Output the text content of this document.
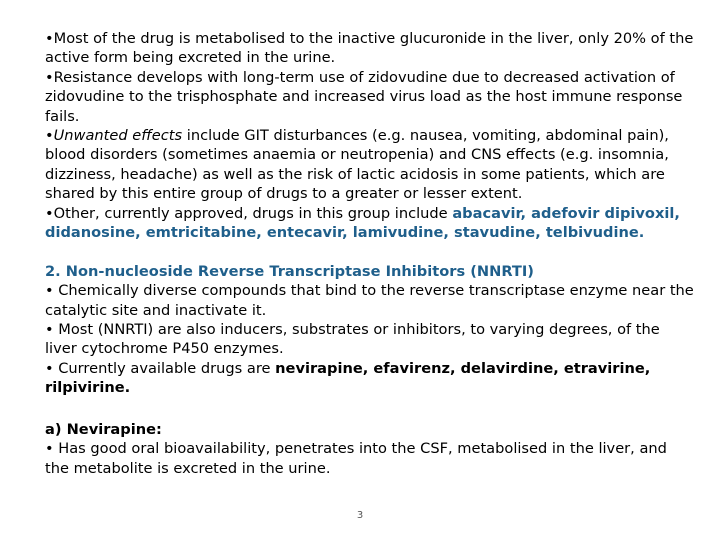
•Most of the drug is metabolised to the inactive glucuronide in the liver, only 20% of the active form being excreted in the urine.

•Resistance develops with long-term use of zidovudine due to decreased activation of zidovudine to the trisphosphate and increased virus load as the host immune response fails.

•Unwanted effects include GIT disturbances (e.g. nausea, vomiting, abdominal pain), blood disorders (sometimes anaemia or neutropenia) and CNS effects (e.g. insomnia, dizziness, headache) as well as the risk of lactic acidosis in some patients, which are shared by this entire group of drugs to a greater or lesser extent.

•Other, currently approved, drugs in this group include abacavir, adefovir dipivoxil, didanosine, emtricitabine, entecavir, lamivudine, stavudine, telbivudine.

2. Non-nucleoside Reverse Transcriptase Inhibitors (NNRTI)

• Chemically diverse compounds that bind to the reverse transcriptase enzyme near the catalytic site and inactivate it.

• Most (NNRTI) are also inducers, substrates or inhibitors, to varying degrees, of the liver cytochrome P450 enzymes.

• Currently available drugs are nevirapine, efavirenz, delavirdine, etravirine, rilpivirine.

a) Nevirapine:

• Has good oral bioavailability, penetrates into the CSF, metabolised in the liver, and the metabolite is excreted in the urine.

3
